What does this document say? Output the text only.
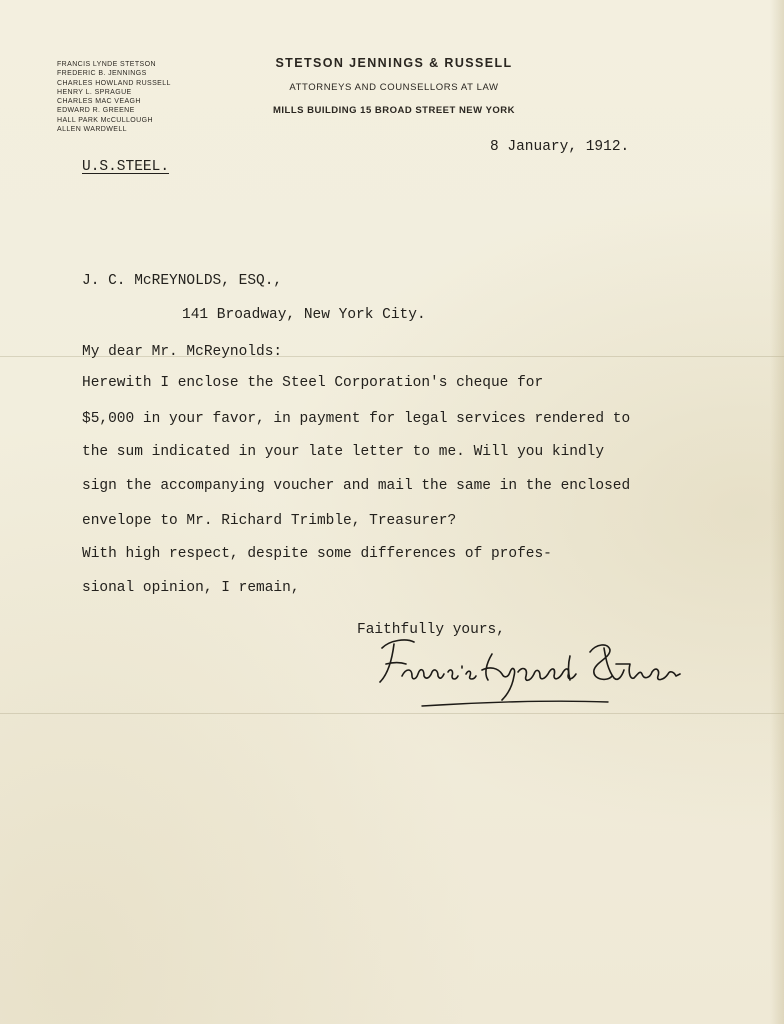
FRANCIS LYNDE STETSON
FREDERIC B. JENNINGS
CHARLES HOWLAND RUSSELL
HENRY L. SPRAGUE
CHARLES MAC VEAGH
EDWARD R. GREENE
HALL PARK McCULLOUGH
ALLEN WARDWELL
STETSON JENNINGS & RUSSELL
ATTORNEYS AND COUNSELLORS AT LAW
MILLS BUILDING 15 BROAD STREET NEW YORK
8 January, 1912.
U.S.STEEL.
J. C. McREYNOLDS, ESQ.,
141 Broadway, New York City.
My dear Mr. McReynolds:
Herewith I enclose the Steel Corporation's cheque for
$5,000 in your favor, in payment for legal services rendered to
the sum indicated in your late letter to me. Will you kindly
sign the accompanying voucher and mail the same in the enclosed
envelope to Mr. Richard Trimble, Treasurer?
With high respect, despite some differences of profes-
sional opinion, I remain,
Faithfully yours,
